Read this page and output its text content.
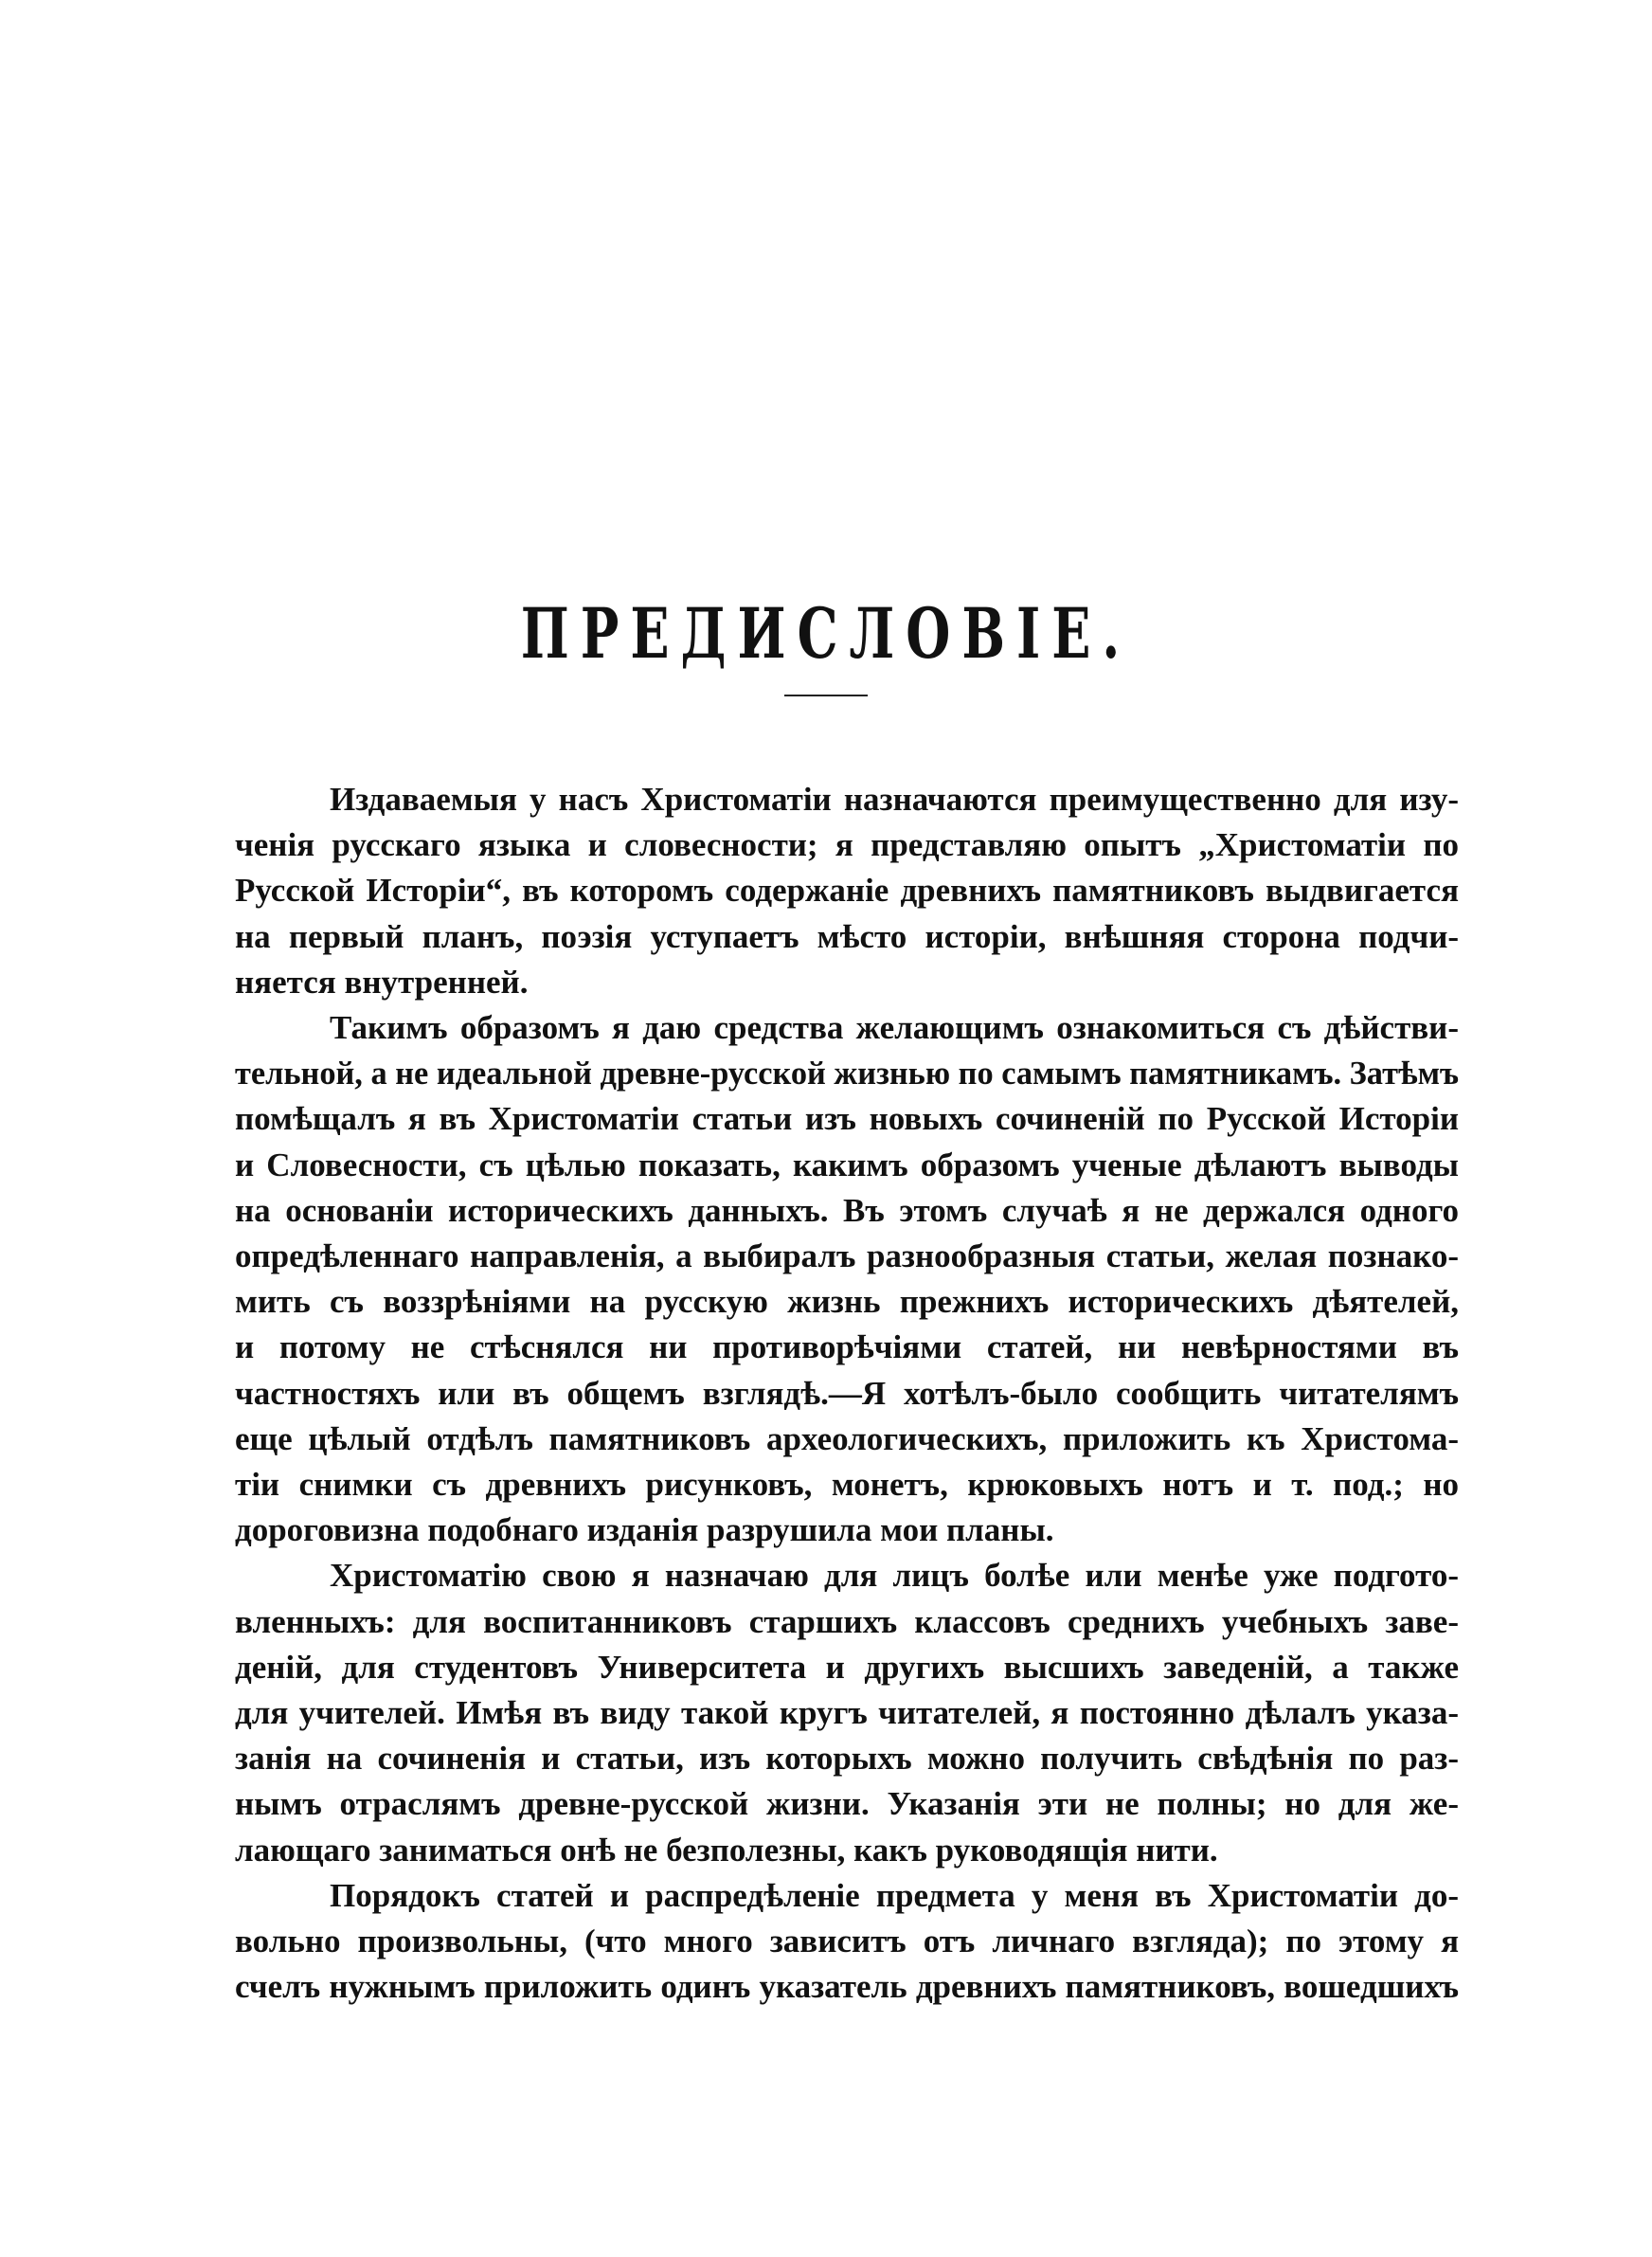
ПРЕДИСЛОВІЕ.

Издаваемыя у насъ Христоматіи назначаются преимущественно для изу-
ченія русскаго языка и словесности; я представляю опытъ „Христоматіи по
Русской Исторіи“, въ которомъ содержаніе древнихъ памятниковъ выдвигается
на первый планъ, поэзія уступаетъ мѣсто исторіи, внѣшняя сторона подчи-
няется внутренней.

Такимъ образомъ я даю средства желающимъ ознакомиться съ дѣйстви-
тельной, а не идеальной древне-русской жизнью по самымъ памятникамъ. Затѣмъ
помѣщалъ я въ Христоматіи статьи изъ новыхъ сочиненій по Русской Исторіи
и Словесности, съ цѣлью показать, какимъ образомъ ученые дѣлаютъ выводы
на основаніи историческихъ данныхъ. Въ этомъ случаѣ я не держался одного
опредѣленнаго направленія, а выбиралъ разнообразныя статьи, желая познако-
мить съ воззрѣніями на русскую жизнь прежнихъ историческихъ дѣятелей,
и потому не стѣснялся ни противорѣчіями статей, ни невѣрностями въ
частностяхъ или въ общемъ взглядѣ.—Я хотѣлъ-было сообщить читателямъ
еще цѣлый отдѣлъ памятниковъ археологическихъ, приложить къ Христома-
тіи снимки съ древнихъ рисунковъ, монетъ, крюковыхъ нотъ и т. под.; но
дороговизна подобнаго изданія разрушила мои планы.

Христоматію свою я назначаю для лицъ болѣе или менѣе уже подгото-
вленныхъ: для воспитанниковъ старшихъ классовъ среднихъ учебныхъ заве-
деній, для студентовъ Университета и другихъ высшихъ заведеній, а также
для учителей. Имѣя въ виду такой кругъ читателей, я постоянно дѣлалъ указа-
занія на сочиненія и статьи, изъ которыхъ можно получить свѣдѣнія по раз-
нымъ отраслямъ древне-русской жизни. Указанія эти не полны; но для же-
лающаго заниматься онѣ не безполезны, какъ руководящія нити.

Порядокъ статей и распредѣленіе предмета у меня въ Христоматіи до-
вольно произвольны, (что много зависитъ отъ личнаго взгляда); по этому я
счелъ нужнымъ приложить одинъ указатель древнихъ памятниковъ, вошедшихъ
